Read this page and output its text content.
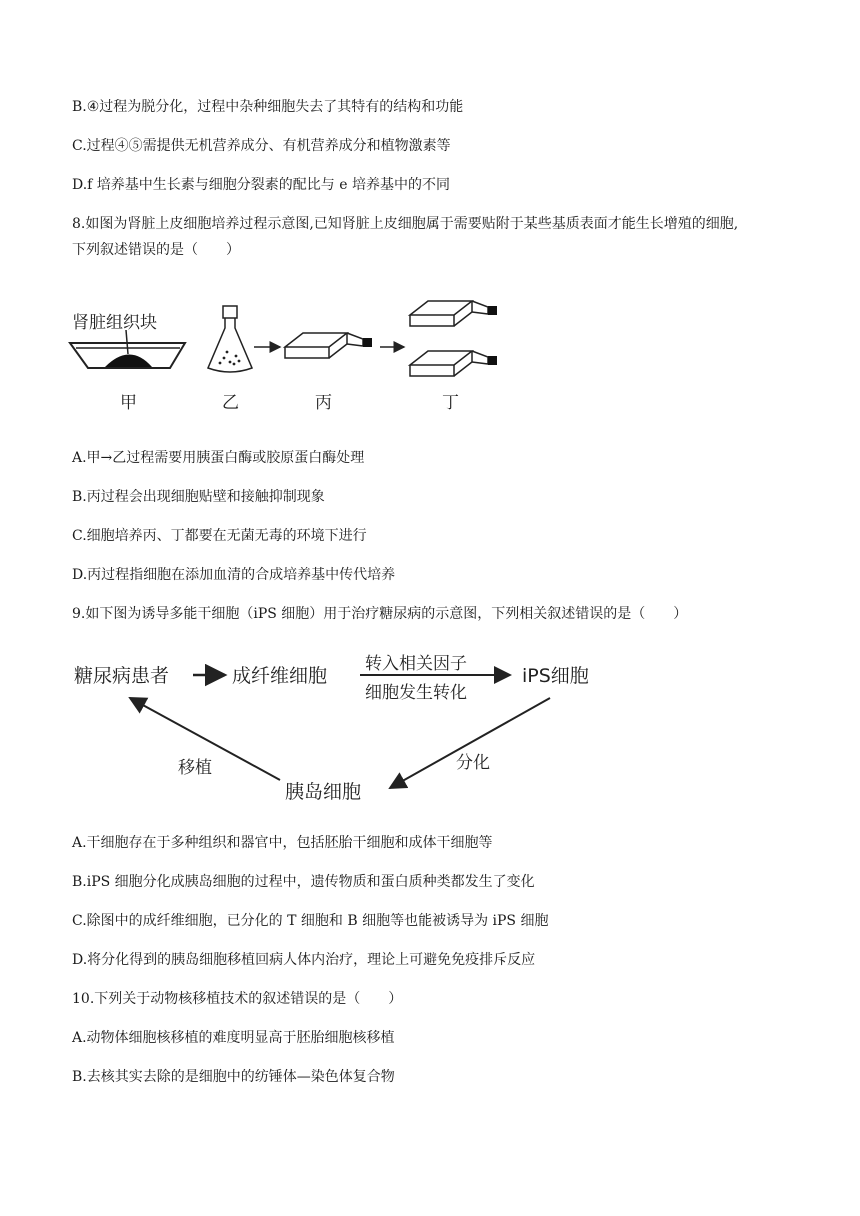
B.④过程为脱分化，过程中杂种细胞失去了其特有的结构和功能
C.过程④⑤需提供无机营养成分、有机营养成分和植物激素等
D.f 培养基中生长素与细胞分裂素的配比与 e 培养基中的不同
8.如图为肾脏上皮细胞培养过程示意图,已知肾脏上皮细胞属于需要贴附于某些基质表面才能生长增殖的细胞,
下列叙述错误的是（　　）
肾脏组织块
甲	乙	丙	丁
A.甲→乙过程需要用胰蛋白酶或胶原蛋白酶处理
B.丙过程会出现细胞贴壁和接触抑制现象
C.细胞培养丙、丁都要在无菌无毒的环境下进行
D.丙过程指细胞在添加血清的合成培养基中传代培养
9.如下图为诱导多能干细胞（iPS 细胞）用于治疗糖尿病的示意图，下列相关叙述错误的是（　　）
糖尿病患者	成纤维细胞
转入相关因子
细胞发生转化
iPS细胞
分化
胰岛细胞
移植
A.干细胞存在于多种组织和器官中，包括胚胎干细胞和成体干细胞等
B.iPS 细胞分化成胰岛细胞的过程中，遗传物质和蛋白质种类都发生了变化
C.除图中的成纤维细胞，已分化的 T 细胞和 B 细胞等也能被诱导为 iPS 细胞
D.将分化得到的胰岛细胞移植回病人体内治疗，理论上可避免免疫排斥反应
10.下列关于动物核移植技术的叙述错误的是（　　）
A.动物体细胞核移植的难度明显高于胚胎细胞核移植
B.去核其实去除的是细胞中的纺锤体—染色体复合物
